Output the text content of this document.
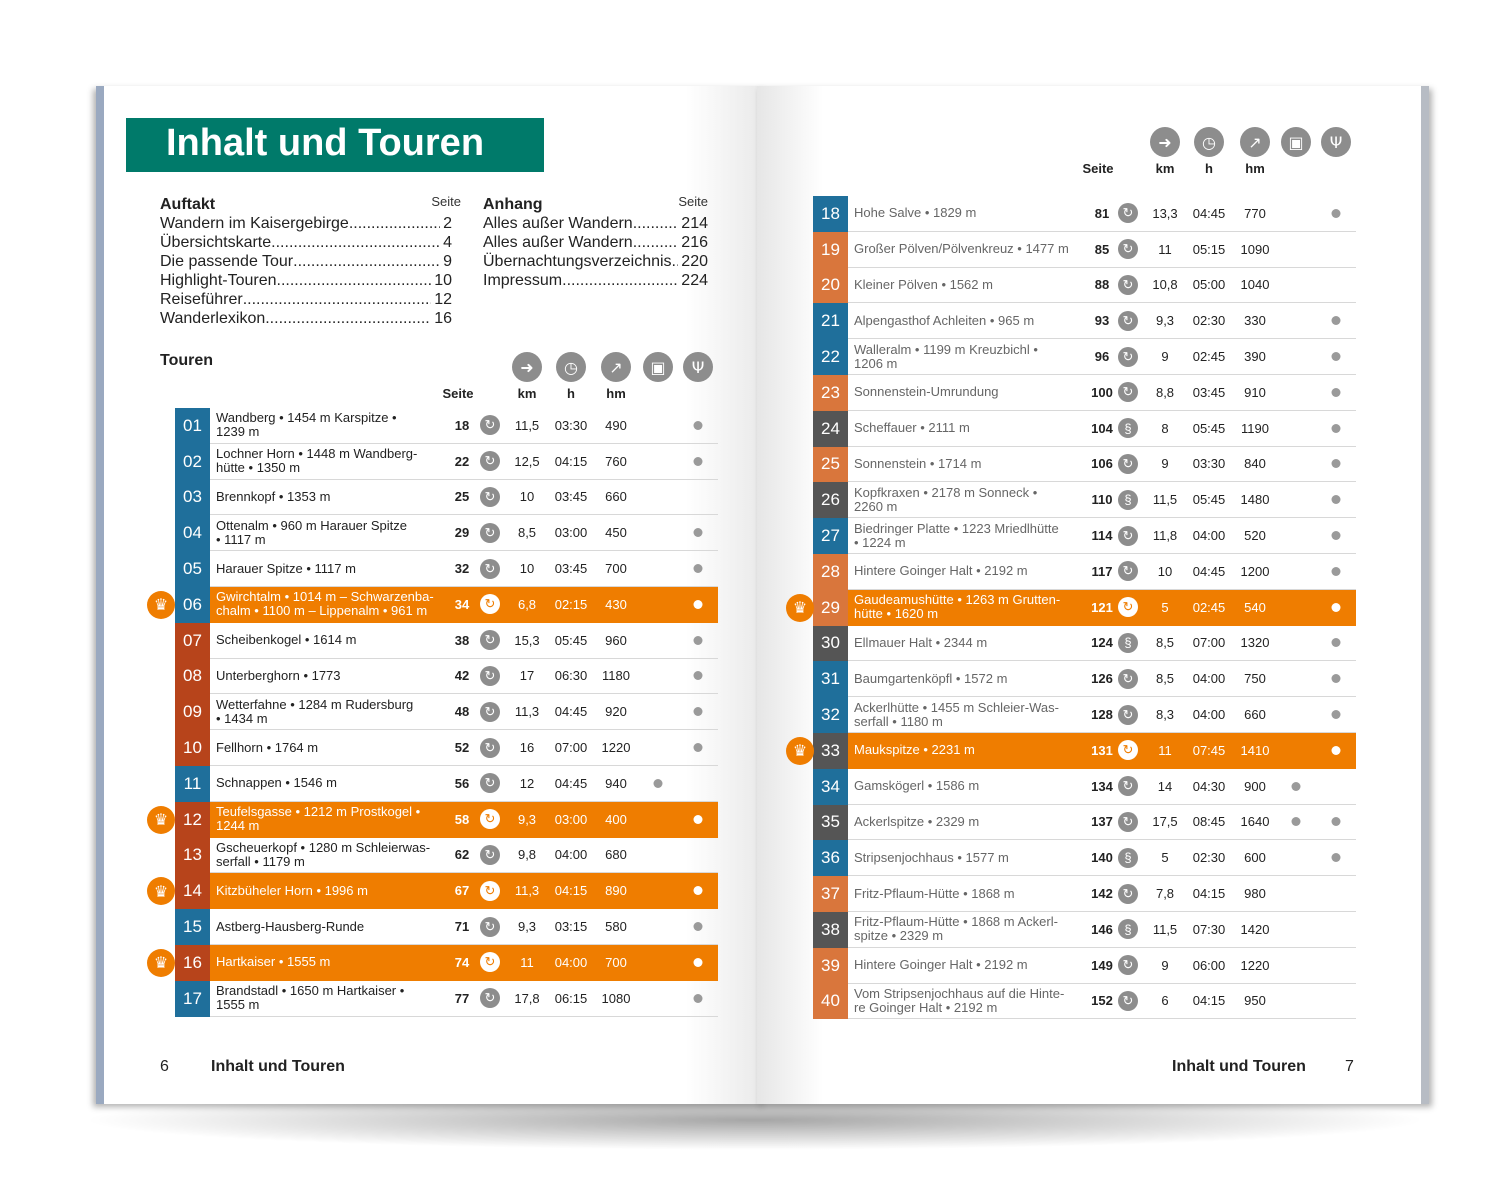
Inhalt und Touren
Auftakt	Seite
Wandern im Kaisergebirge .....	2
Übersichtskarte .....	4
Die passende Tour .....	9
Highlight-Touren .....	10
Reiseführer .....	12
Wanderlexikon .....	16
Anhang	Seite
Alles außer Wandern .....	214
Alles außer Wandern .....	216
Übernachtungsverzeichnis ..... 220
Impressum .....	224
Touren	➜	◷	↗	▣	Ψ
Seite	km h hm
01	Wandberg • 1454 m Karspitze •
1239 m	18	↻	11,5 03:30 490
02	Lochner Horn • 1448 m Wandberg-
hütte • 1350 m	22	↻	12,5 04:15 760
03	Brennkopf • 1353 m	25	↻	10 03:45 660
04	Ottenalm • 960 m Harauer Spitze
• 1117 m	29	↻	8,5 03:00 450
05	Harauer Spitze • 1117 m	32	↻	10 03:45 700
06	Gwirchtalm • 1014 m – Schwarzenba-
chalm • 1100 m – Lippenalm • 961 m	34	↻	6,8 02:15 430
♛
07	Scheibenkogel • 1614 m	38	↻	15,3 05:45 960
08	Unterberghorn • 1773	42	↻	17 06:30 1180
09	Wetterfahne • 1284 m Rudersburg
• 1434 m	48	↻	11,3 04:45 920
10	Fellhorn • 1764 m	52	↻	16 07:00 1220
11	Schnappen • 1546 m	56	↻	12 04:45 940
12	Teufelsgasse • 1212 m Prostkogel •
1244 m	58	↻	9,3 03:00 400
♛
13	Gscheuerkopf • 1280 m Schleierwas-
serfall • 1179 m	62	↻	9,8 04:00 680
14	Kitzbüheler Horn • 1996 m	67	↻	11,3 04:15 890
♛
15	Astberg-Hausberg-Runde	71	↻	9,3 03:15 580
16	Hartkaiser • 1555 m	74	↻	11 04:00 700
♛
17	Brandstadl • 1650 m Hartkaiser •
1555 m	77	↻	17,8 06:15 1080
➜	◷	↗	▣	Ψ
Seite	km h hm
18	Hohe Salve • 1829 m	81	↻	13,3 04:45 770
19	Großer Pölven/Pölvenkreuz • 1477 m	85	↻	11 05:15 1090
20	Kleiner Pölven • 1562 m	88	↻	10,8 05:00 1040
21	Alpengasthof Achleiten • 965 m	93	↻	9,3 02:30 330
22	Walleralm • 1199 m Kreuzbichl •
1206 m	96	↻	9 02:45 390
23	Sonnenstein-Umrundung	100 ↻	8,8 03:45 910
24	Scheffauer • 2111 m	104 §	8 05:45 1190
25	Sonnenstein • 1714 m	106 ↻	9 03:30 840
26	Kopfkraxen • 2178 m Sonneck •
2260 m	110 §	11,5 05:45 1480
27	Biedringer Platte • 1223 Mriedlhütte
• 1224 m	114 ↻	11,8 04:00 520
28	Hintere Goinger Halt • 2192 m	117 ↻	10 04:45 1200
29	Gaudeamushütte • 1263 m Grutten-
hütte • 1620 m	121 ↻	5 02:45 540
♛
30	Ellmauer Halt • 2344 m	124 §	8,5 07:00 1320
31	Baumgartenköpfl • 1572 m	126 ↻	8,5 04:00 750
32	Ackerlhütte • 1455 m Schleier-Was-
serfall • 1180 m	128 ↻	8,3 04:00 660
33	Maukspitze • 2231 m	131 ↻	11 07:45 1410
♛
34	Gamskögerl • 1586 m	134 ↻	14 04:30 900
35	Ackerlspitze • 2329 m	137 ↻	17,5 08:45 1640
36	Stripsenjochhaus • 1577 m	140 §	5 02:30 600
37	Fritz-Pflaum-Hütte • 1868 m	142 ↻	7,8 04:15 980
38	Fritz-Pflaum-Hütte • 1868 m Ackerl-
spitze • 2329 m	146 §	11,5 07:30 1420
39	Hintere Goinger Halt • 2192 m	149 ↻	9 06:00 1220
40	Vom Stripsenjochhaus auf die Hinte-
re Goinger Halt • 2192 m	152 ↻	6 04:15 950
6	Inhalt und Touren	Inhalt und Touren 7
